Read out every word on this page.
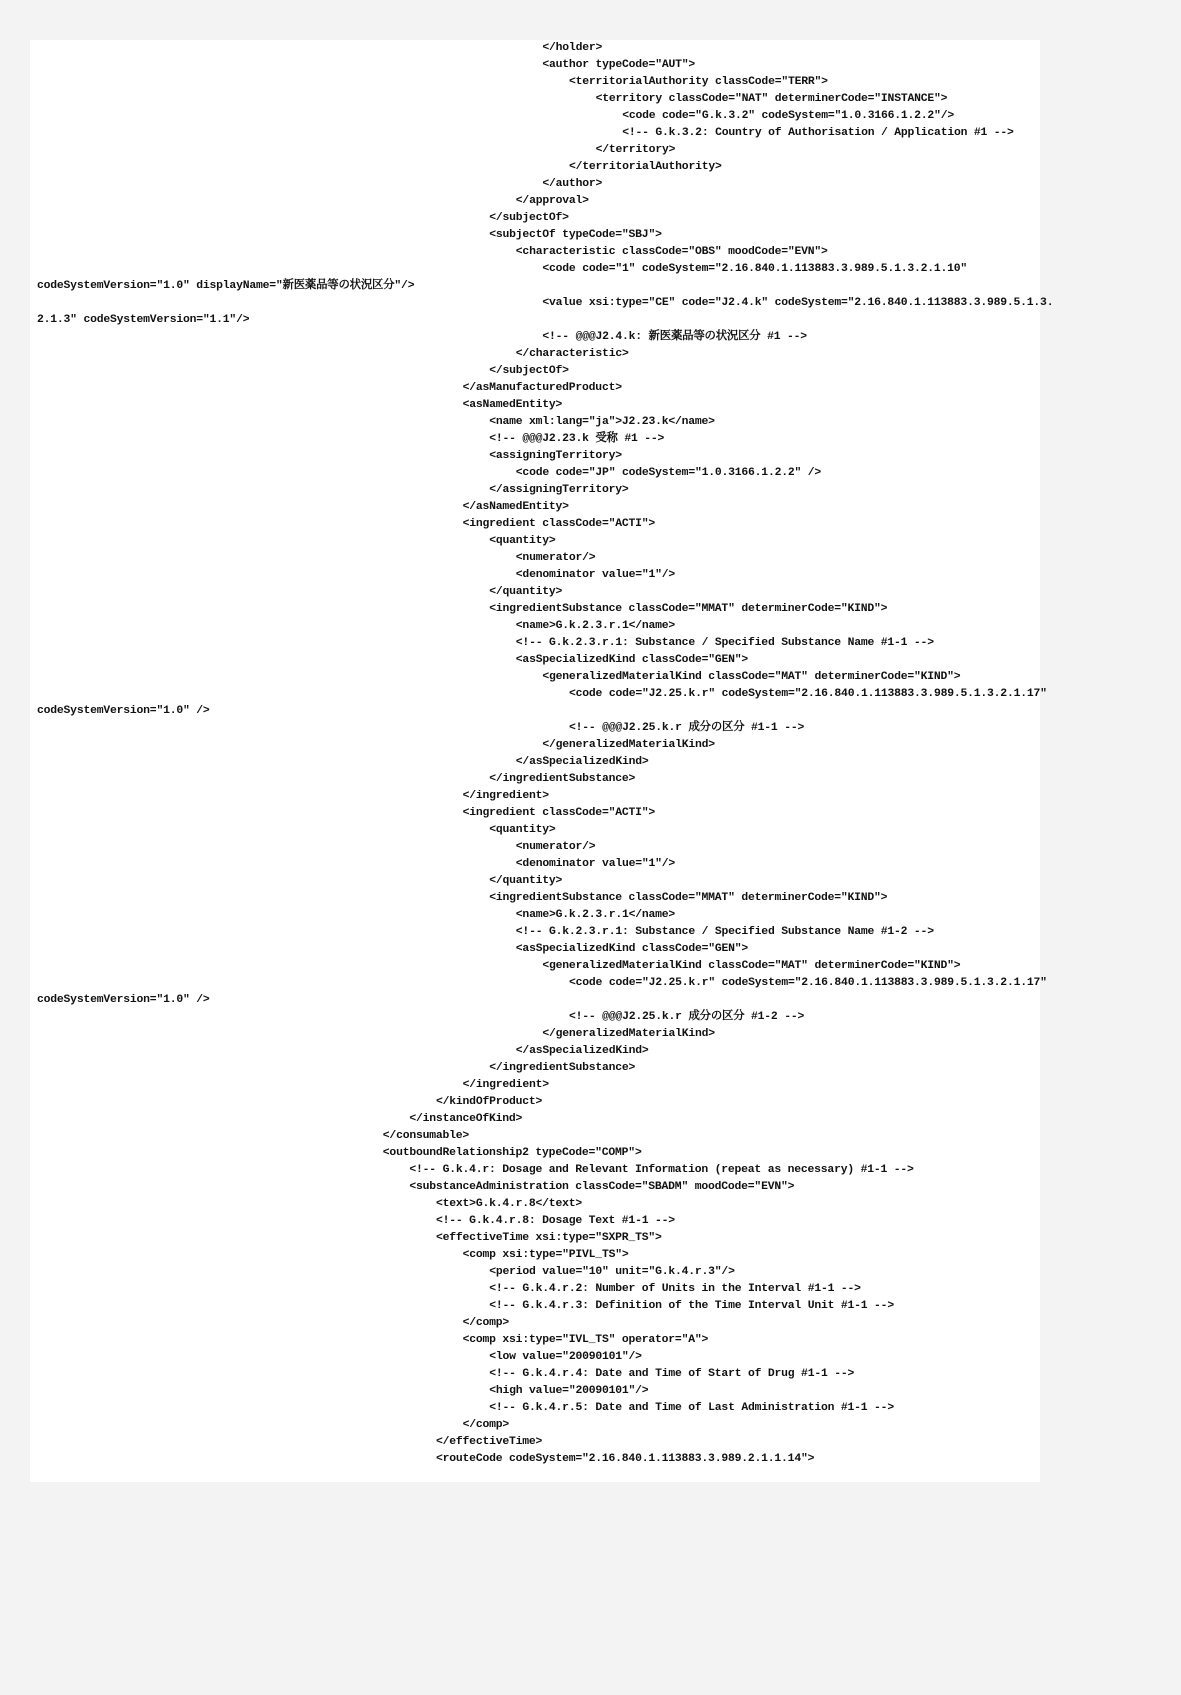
</holder>
<author typeCode="AUT">
<territorialAuthority classCode="TERR">
<territory classCode="NAT" determinerCode="INSTANCE">
<code code="G.k.3.2" codeSystem="1.0.3166.1.2.2"/>
<!-- G.k.3.2: Country of Authorisation / Application #1 -->
</territory>
</territorialAuthority>
</author>
</approval>
</subjectOf>
<subjectOf typeCode="SBJ">
<characteristic classCode="OBS" moodCode="EVN">
<code code="1" codeSystem="2.16.840.1.113883.3.989.5.1.3.2.1.10"
codeSystemVersion="1.0" displayName="新医薬品等の状況区分"/>
<value xsi:type="CE" code="J2.4.k" codeSystem="2.16.840.1.113883.3.989.5.1.3.
2.1.3" codeSystemVersion="1.1"/>
<!-- @@@J2.4.k: 新医薬品等の状況区分 #1 -->
</characteristic>
</subjectOf>
</asManufacturedProduct>
<asNamedEntity>
<name xml:lang="ja">J2.23.k</name>
<!-- @@@J2.23.k 受称 #1 -->
<assigningTerritory>
<code code="JP" codeSystem="1.0.3166.1.2.2" />
</assigningTerritory>
</asNamedEntity>
<ingredient classCode="ACTI">
<quantity>
<numerator/>
<denominator value="1"/>
</quantity>
<ingredientSubstance classCode="MMAT" determinerCode="KIND">
<name>G.k.2.3.r.1</name>
<!-- G.k.2.3.r.1: Substance / Specified Substance Name #1-1 -->
<asSpecializedKind classCode="GEN">
<generalizedMaterialKind classCode="MAT" determinerCode="KIND">
<code code="J2.25.k.r" codeSystem="2.16.840.1.113883.3.989.5.1.3.2.1.17"
codeSystemVersion="1.0" />
<!-- @@@J2.25.k.r 成分の区分 #1-1 -->
</generalizedMaterialKind>
</asSpecializedKind>
</ingredientSubstance>
</ingredient>
<ingredient classCode="ACTI">
<quantity>
<numerator/>
<denominator value="1"/>
</quantity>
<ingredientSubstance classCode="MMAT" determinerCode="KIND">
<name>G.k.2.3.r.1</name>
<!-- G.k.2.3.r.1: Substance / Specified Substance Name #1-2 -->
<asSpecializedKind classCode="GEN">
<generalizedMaterialKind classCode="MAT" determinerCode="KIND">
<code code="J2.25.k.r" codeSystem="2.16.840.1.113883.3.989.5.1.3.2.1.17"
codeSystemVersion="1.0" />
<!-- @@@J2.25.k.r 成分の区分 #1-2 -->
</generalizedMaterialKind>
</asSpecializedKind>
</ingredientSubstance>
</ingredient>
</kindOfProduct>
</instanceOfKind>
</consumable>
<outboundRelationship2 typeCode="COMP">
<!-- G.k.4.r: Dosage and Relevant Information (repeat as necessary) #1-1 -->
<substanceAdministration classCode="SBADM" moodCode="EVN">
<text>G.k.4.r.8</text>
<!-- G.k.4.r.8: Dosage Text #1-1 -->
<effectiveTime xsi:type="SXPR_TS">
<comp xsi:type="PIVL_TS">
<period value="10" unit="G.k.4.r.3"/>
<!-- G.k.4.r.2: Number of Units in the Interval #1-1 -->
<!-- G.k.4.r.3: Definition of the Time Interval Unit #1-1 -->
</comp>
<comp xsi:type="IVL_TS" operator="A">
<low value="20090101"/>
<!-- G.k.4.r.4: Date and Time of Start of Drug #1-1 -->
<high value="20090101"/>
<!-- G.k.4.r.5: Date and Time of Last Administration #1-1 -->
</comp>
</effectiveTime>
<routeCode codeSystem="2.16.840.1.113883.3.989.2.1.1.14">
